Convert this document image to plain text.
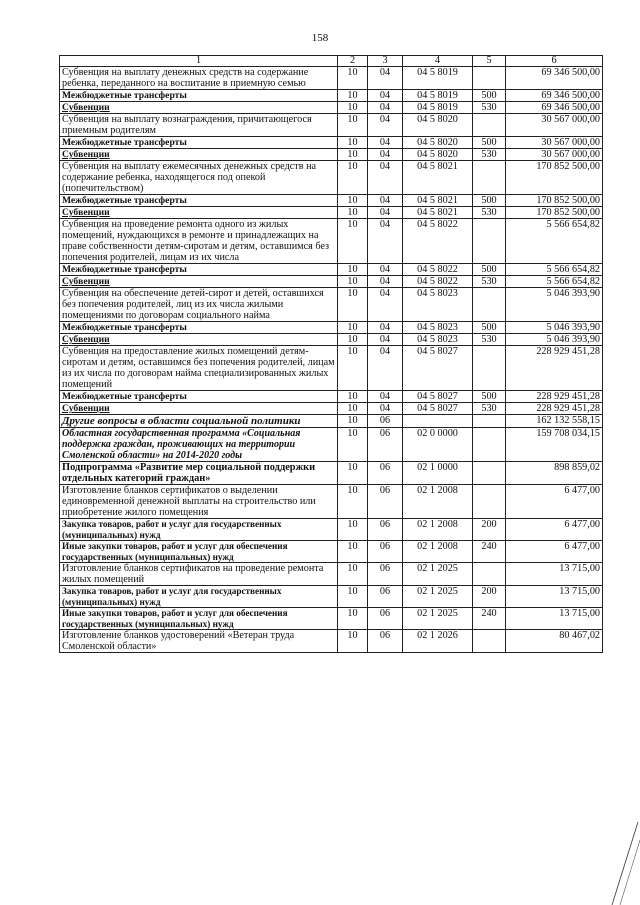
158
1	2	3	4	5	6
Субвенция на выплату денежных средств на содержание ребенка, переданного на воспитание в приемную семью	10	04	04 5 8019		69 346 500,00
Межбюджетные трансферты	10	04	04 5 8019	500	69 346 500,00
Субвенции	10	04	04 5 8019	530	69 346 500,00
Субвенция на выплату вознаграждения, причитающегося приемным родителям	10	04	04 5 8020		30 567 000,00
Межбюджетные трансферты	10	04	04 5 8020	500	30 567 000,00
Субвенции	10	04	04 5 8020	530	30 567 000,00
Субвенция на выплату ежемесячных денежных средств на содержание ребенка, находящегося под опекой (попечительством)	10	04	04 5 8021		170 852 500,00
Межбюджетные трансферты	10	04	04 5 8021	500	170 852 500,00
Субвенции	10	04	04 5 8021	530	170 852 500,00
Субвенция на проведение ремонта одного из жилых помещений, нуждающихся в ремонте и принадлежащих на праве собственности детям-сиротам и детям, оставшимся без попечения родителей, лицам из их числа	10	04	04 5 8022		5 566 654,82
Межбюджетные трансферты	10	04	04 5 8022	500	5 566 654,82
Субвенции	10	04	04 5 8022	530	5 566 654,82
Субвенция на обеспечение детей-сирот и детей, оставшихся без попечения родителей, лиц из их числа жилыми помещениями по договорам социального найма	10	04	04 5 8023		5 046 393,90
Межбюджетные трансферты	10	04	04 5 8023	500	5 046 393,90
Субвенции	10	04	04 5 8023	530	5 046 393,90
Субвенция на предоставление жилых помещений детям-сиротам и детям, оставшимся без попечения родителей, лицам из их числа по договорам найма специализированных жилых помещений	10	04	04 5 8027		228 929 451,28
Межбюджетные трансферты	10	04	04 5 8027	500	228 929 451,28
Субвенции	10	04	04 5 8027	530	228 929 451,28
Другие вопросы в области социальной политики	10	06			162 132 558,15
Областная государственная программа «Социальная поддержка граждан, проживающих на территории Смоленской области» на 2014-2020 годы	10	06	02 0 0000		159 708 034,15
Подпрограмма «Развитие мер социальной поддержки отдельных категорий граждан»	10	06	02 1 0000		898 859,02
Изготовление бланков сертификатов о выделении единовременной денежной выплаты на строительство или приобретение жилого помещения	10	06	02 1 2008		6 477,00
Закупка товаров, работ и услуг для государственных (муниципальных) нужд	10	06	02 1 2008	200	6 477,00
Иные закупки товаров, работ и услуг для обеспечения государственных (муниципальных) нужд	10	06	02 1 2008	240	6 477,00
Изготовление бланков сертификатов на проведение ремонта жилых помещений	10	06	02 1 2025		13 715,00
Закупка товаров, работ и услуг для государственных (муниципальных) нужд	10	06	02 1 2025	200	13 715,00
Иные закупки товаров, работ и услуг для обеспечения государственных (муниципальных) нужд	10	06	02 1 2025	240	13 715,00
Изготовление бланков удостоверений «Ветеран труда Смоленской области»	10	06	02 1 2026		80 467,02
